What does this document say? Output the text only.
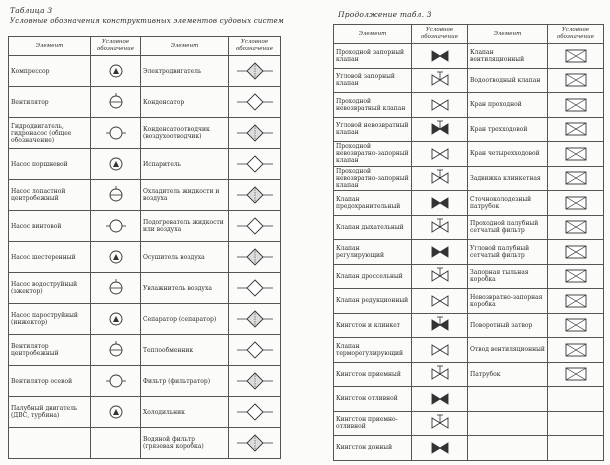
Таблица 3
Условные обозначения конструктивных элементов судовых систем
Продолжение табл. 3
Элемент	Условное обозначение	Элемент	Условное обозначение
Компрессор		Электродвигатель	

Вентилятор		Конденсатор	

Гидродвигатель, гидронасос (общее обозначение)		Конденсатоотводчик (воздухоотводчик)	

Насос поршневой		Испаритель	

Насос лопастной центробежный		Охладитель жидкости и воздуха	

Насос винтовой		Подогреватель жидкости или воздуха	

Насос шестеренный		Осушитель воздуха	

Насос водоструйный (эжектор)		Увлажнитель воздуха	

Насос пароструйный (инжектор)		Сепаратор (сепаратор)	

Вентилятор центробежный		Теплообменник	

Вентилятор осевой		Фильтр (фильтратор)	

Палубный двигатель (ДВС, турбина)		Холодильник	

		Водяной фильтр (грязевая коробка)	
Элемент	Условное обозначение	Элемент	Условное обозначение
Проходной запорный клапан		Клапан вентиляционный	

Угловой запорный клапан		Водоотводный клапан	

Проходной невозвратный клапан		Кран проходной	

Угловой невозвратный клапан		Кран трехходовой	

Проходной невозвратно-запорный клапан		Кран четырехходовой	

Проходной невозвратно-запорный клапан		Задвижка клинкетная	

Клапан предохранительный		Сточноколодезный патрубок	

Клапан дыхательный		Проходной палубный сетчатый фильтр	

Клапан регулирующий		Угловой палубный сетчатый фильтр	

Клапан дроссельный		Запорная тыльная коробка	

Клапан редукционный		Невозвратно-запорная коробка	

Кингстон и клинкет		Поворотный затвор	

Клапан терморегулирующий		Отвод вентиляционный	

Кингстон приемный		Патрубок	

Кингстон отливной	

Кингстон приемно-отливной	

Кингстон донный	
